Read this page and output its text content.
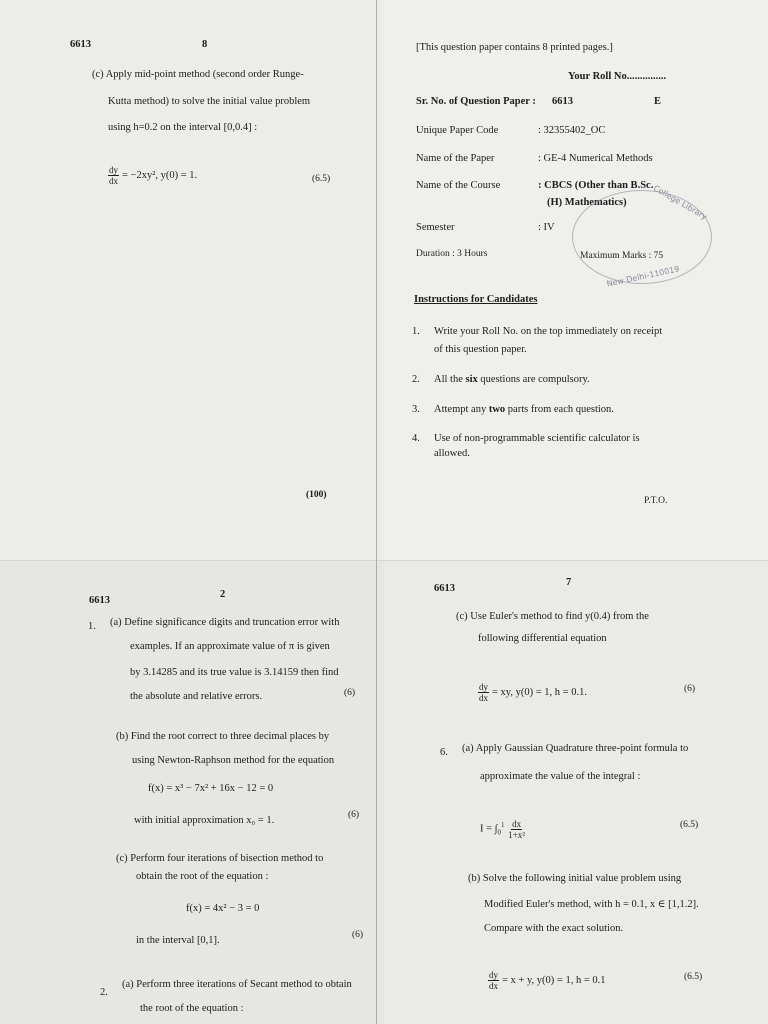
6613	8
(c) Apply mid-point method (second order Runge-
Kutta method) to solve the initial value problem
using h=0.2 on the interval [0,0.4] :
$\frac{dy}{dx} = -2xy^2$, y(0) = 1.	(6.5)
(100)
[This question paper contains 8 printed pages.]
Your Roll No...............
Sr. No. of Question Paper : 6613	E
Unique Paper Code	: 32355402_OC
Name of the Paper	: GE-4 Numerical Methods
Name of the Course	: CBCS (Other than B.Sc.
(H) Mathematics)
Semester	: IV
Duration : 3 Hours	Maximum Marks : 75
Instructions for Candidates
1. Write your Roll No. on the top immediately on receipt
of this question paper.
2. All the six questions are compulsory.
3. Attempt any two parts from each question.
4. Use of non-programmable scientific calculator is
allowed.
P.T.O.
College Library
New Delhi-110019
6613
2
1. (a) Define significance digits and truncation error with
examples. If an approximate value of π is given
by 3.14285 and its true value is 3.14159 then find
the absolute and relative errors.	(6)
(b) Find the root correct to three decimal places by
using Newton-Raphson method for the equation
f(x) = x³ − 7x² + 16x − 12 = 0
with initial approximation x₀ = 1.	(6)
(c) Perform four iterations of bisection method to
obtain the root of the equation :
f(x) = 4x² − 3 = 0
in the interval [0,1].	(6)
2.
(a) Perform three iterations of Secant method to obtain
the root of the equation :
6613
7
(c) Use Euler's method to find y(0.4) from the
following differential equation
$\frac{dy}{dx}$ = xy, y(0) = 1, h = 0.1.	(6)
6. (a) Apply Gaussian Quadrature three-point formula to
approximate the value of the integral :
$I = \int_0^1 \frac{dx}{\text{1+x²}}$	(6.5)
(b) Solve the following initial value problem using
Modified Euler's method, with h = 0.1, x ∈ [1,1.2].
Compare with the exact solution.
$\frac{dy}{dx} = x + y$, y(0) = 1, h = 0.1	(6.5)
